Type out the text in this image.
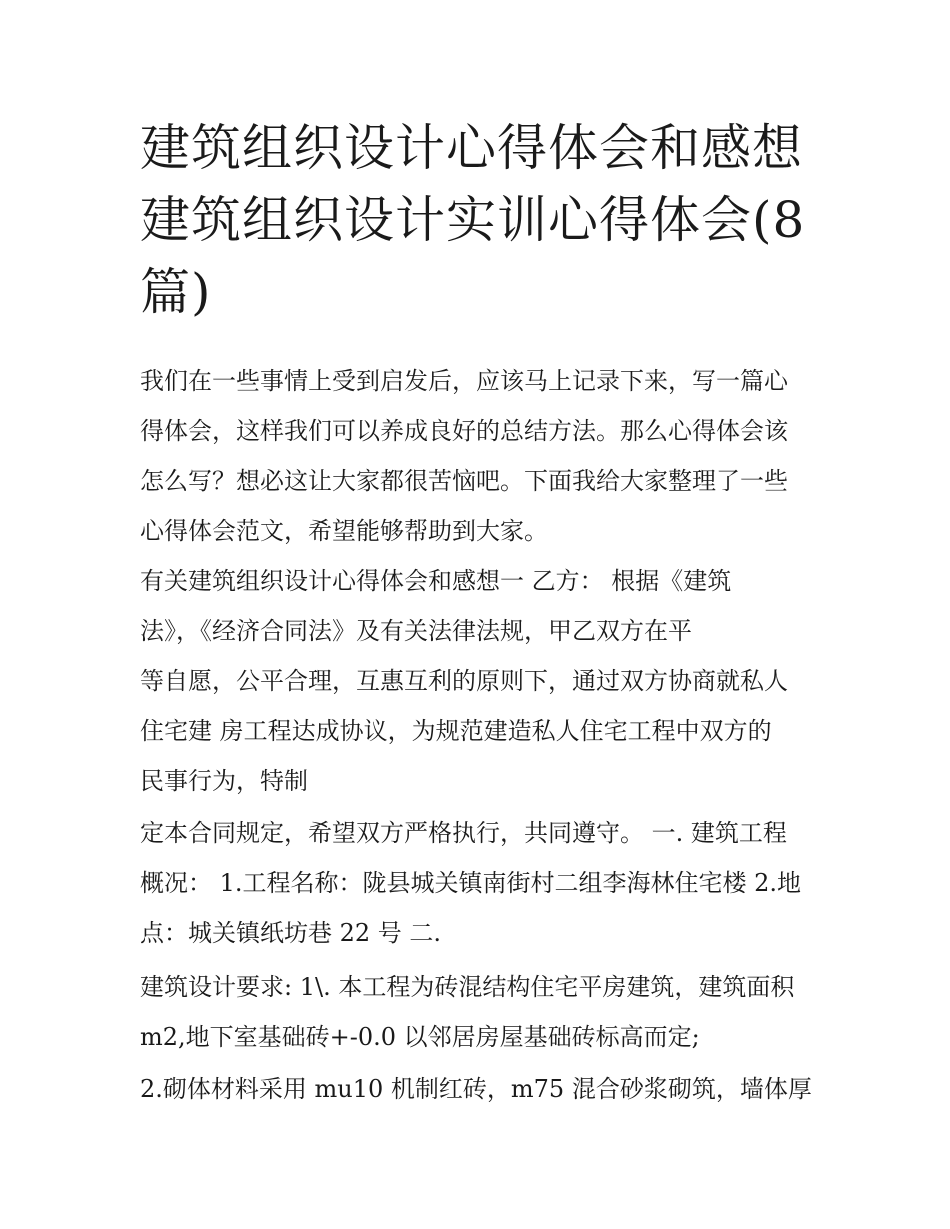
建筑组织设计心得体会和感想
建筑组织设计实训心得体会(8
篇)
我们在一些事情上受到启发后，应该马上记录下来，写一篇心
得体会，这样我们可以养成良好的总结方法。那么心得体会该
怎么写？想必这让大家都很苦恼吧。下面我给大家整理了一些
心得体会范文，希望能够帮助到大家。
有关建筑组织设计心得体会和感想一 乙方： 根据《建筑
法》，《经济合同法》及有关法律法规，甲乙双方在平
等自愿，公平合理，互惠互利的原则下，通过双方协商就私人
住宅建 房工程达成协议，为规范建造私人住宅工程中双方的
民事行为，特制
定本合同规定，希望双方严格执行，共同遵守。 一. 建筑工程
概况： 1.工程名称：陇县城关镇南街村二组李海林住宅楼 2.地
点：城关镇纸坊巷 22 号 二.
建筑设计要求: 1\. 本工程为砖混结构住宅平房建筑，建筑面积
m2,地下室基础砖+-0.0 以邻居房屋基础砖标高而定;
2.砌体材料采用 mu10 机制红砖，m75 混合砂浆砌筑，墙体厚
